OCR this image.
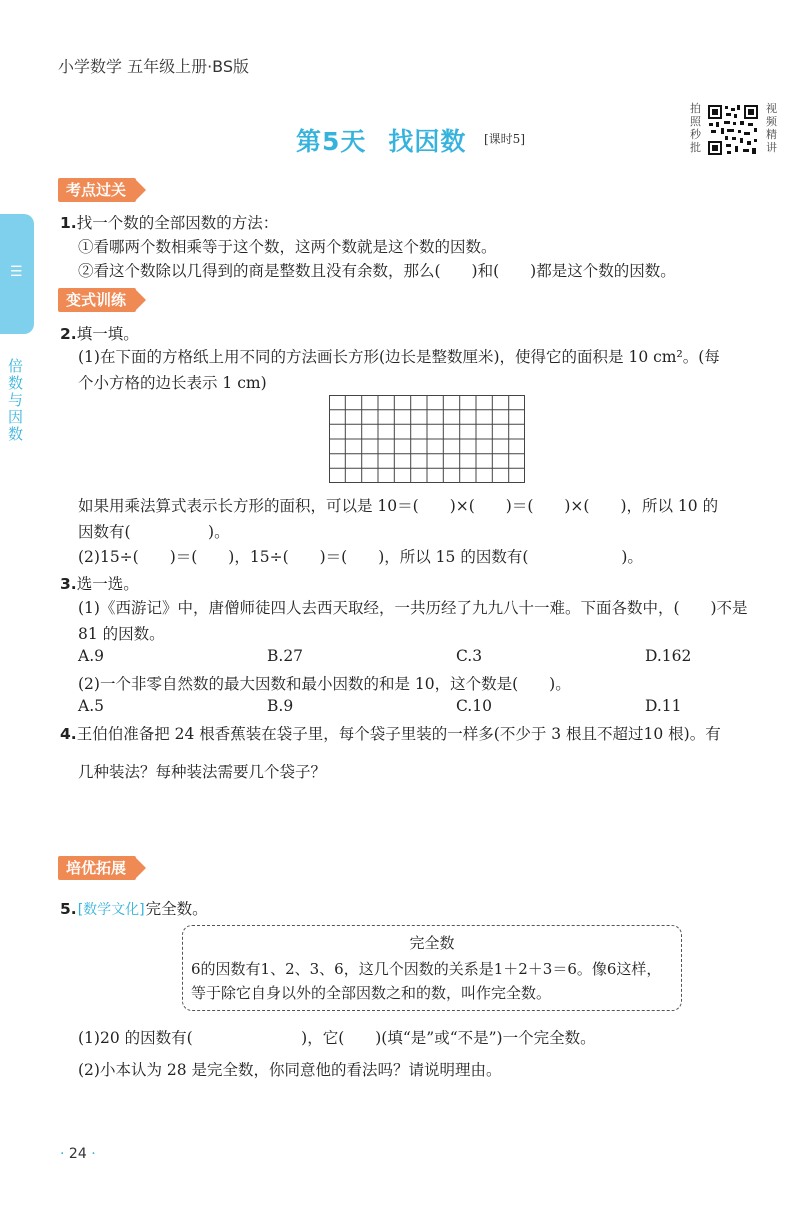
小学数学 五年级上册·BS版
第5天 找因数 [课时5]
拍照秒批
视频精讲
☰
倍数与因数
考点过关
1.找一个数的全部因数的方法：
①看哪两个数相乘等于这个数，这两个数就是这个数的因数。
②看这个数除以几得到的商是整数且没有余数，那么(　　)和(　　)都是这个数的因数。
变式训练
2.填一填。
(1)在下面的方格纸上用不同的方法画长方形(边长是整数厘米)，使得它的面积是 10 cm²。(每
个小方格的边长表示 1 cm)
如果用乘法算式表示长方形的面积，可以是 10＝(　　)×(　　)＝(　　)×(　　)，所以 10 的
因数有(　　　　　)。
(2)15÷(　　)＝(　　)，15÷(　　)＝(　　)，所以 15 的因数有(　　　　　　)。
3.选一选。
(1)《西游记》中，唐僧师徒四人去西天取经，一共历经了九九八十一难。下面各数中，(　　)不是
81 的因数。
A.9	B.27	C.3	D.162
(2)一个非零自然数的最大因数和最小因数的和是 10，这个数是(　　)。
A.5	B.9	C.10	D.11
4.王伯伯准备把 24 根香蕉装在袋子里，每个袋子里装的一样多(不少于 3 根且不超过10 根)。有
几种装法？每种装法需要几个袋子？
培优拓展
5.[数学文化]完全数。
完全数
6的因数有1、2、3、6，这几个因数的关系是1＋2＋3＝6。像6这样，
等于除它自身以外的全部因数之和的数，叫作完全数。
(1)20 的因数有(　　　　　　　)，它(　　)(填“是”或“不是”)一个完全数。
(2)小本认为 28 是完全数，你同意他的看法吗？请说明理由。
· 24 ·
